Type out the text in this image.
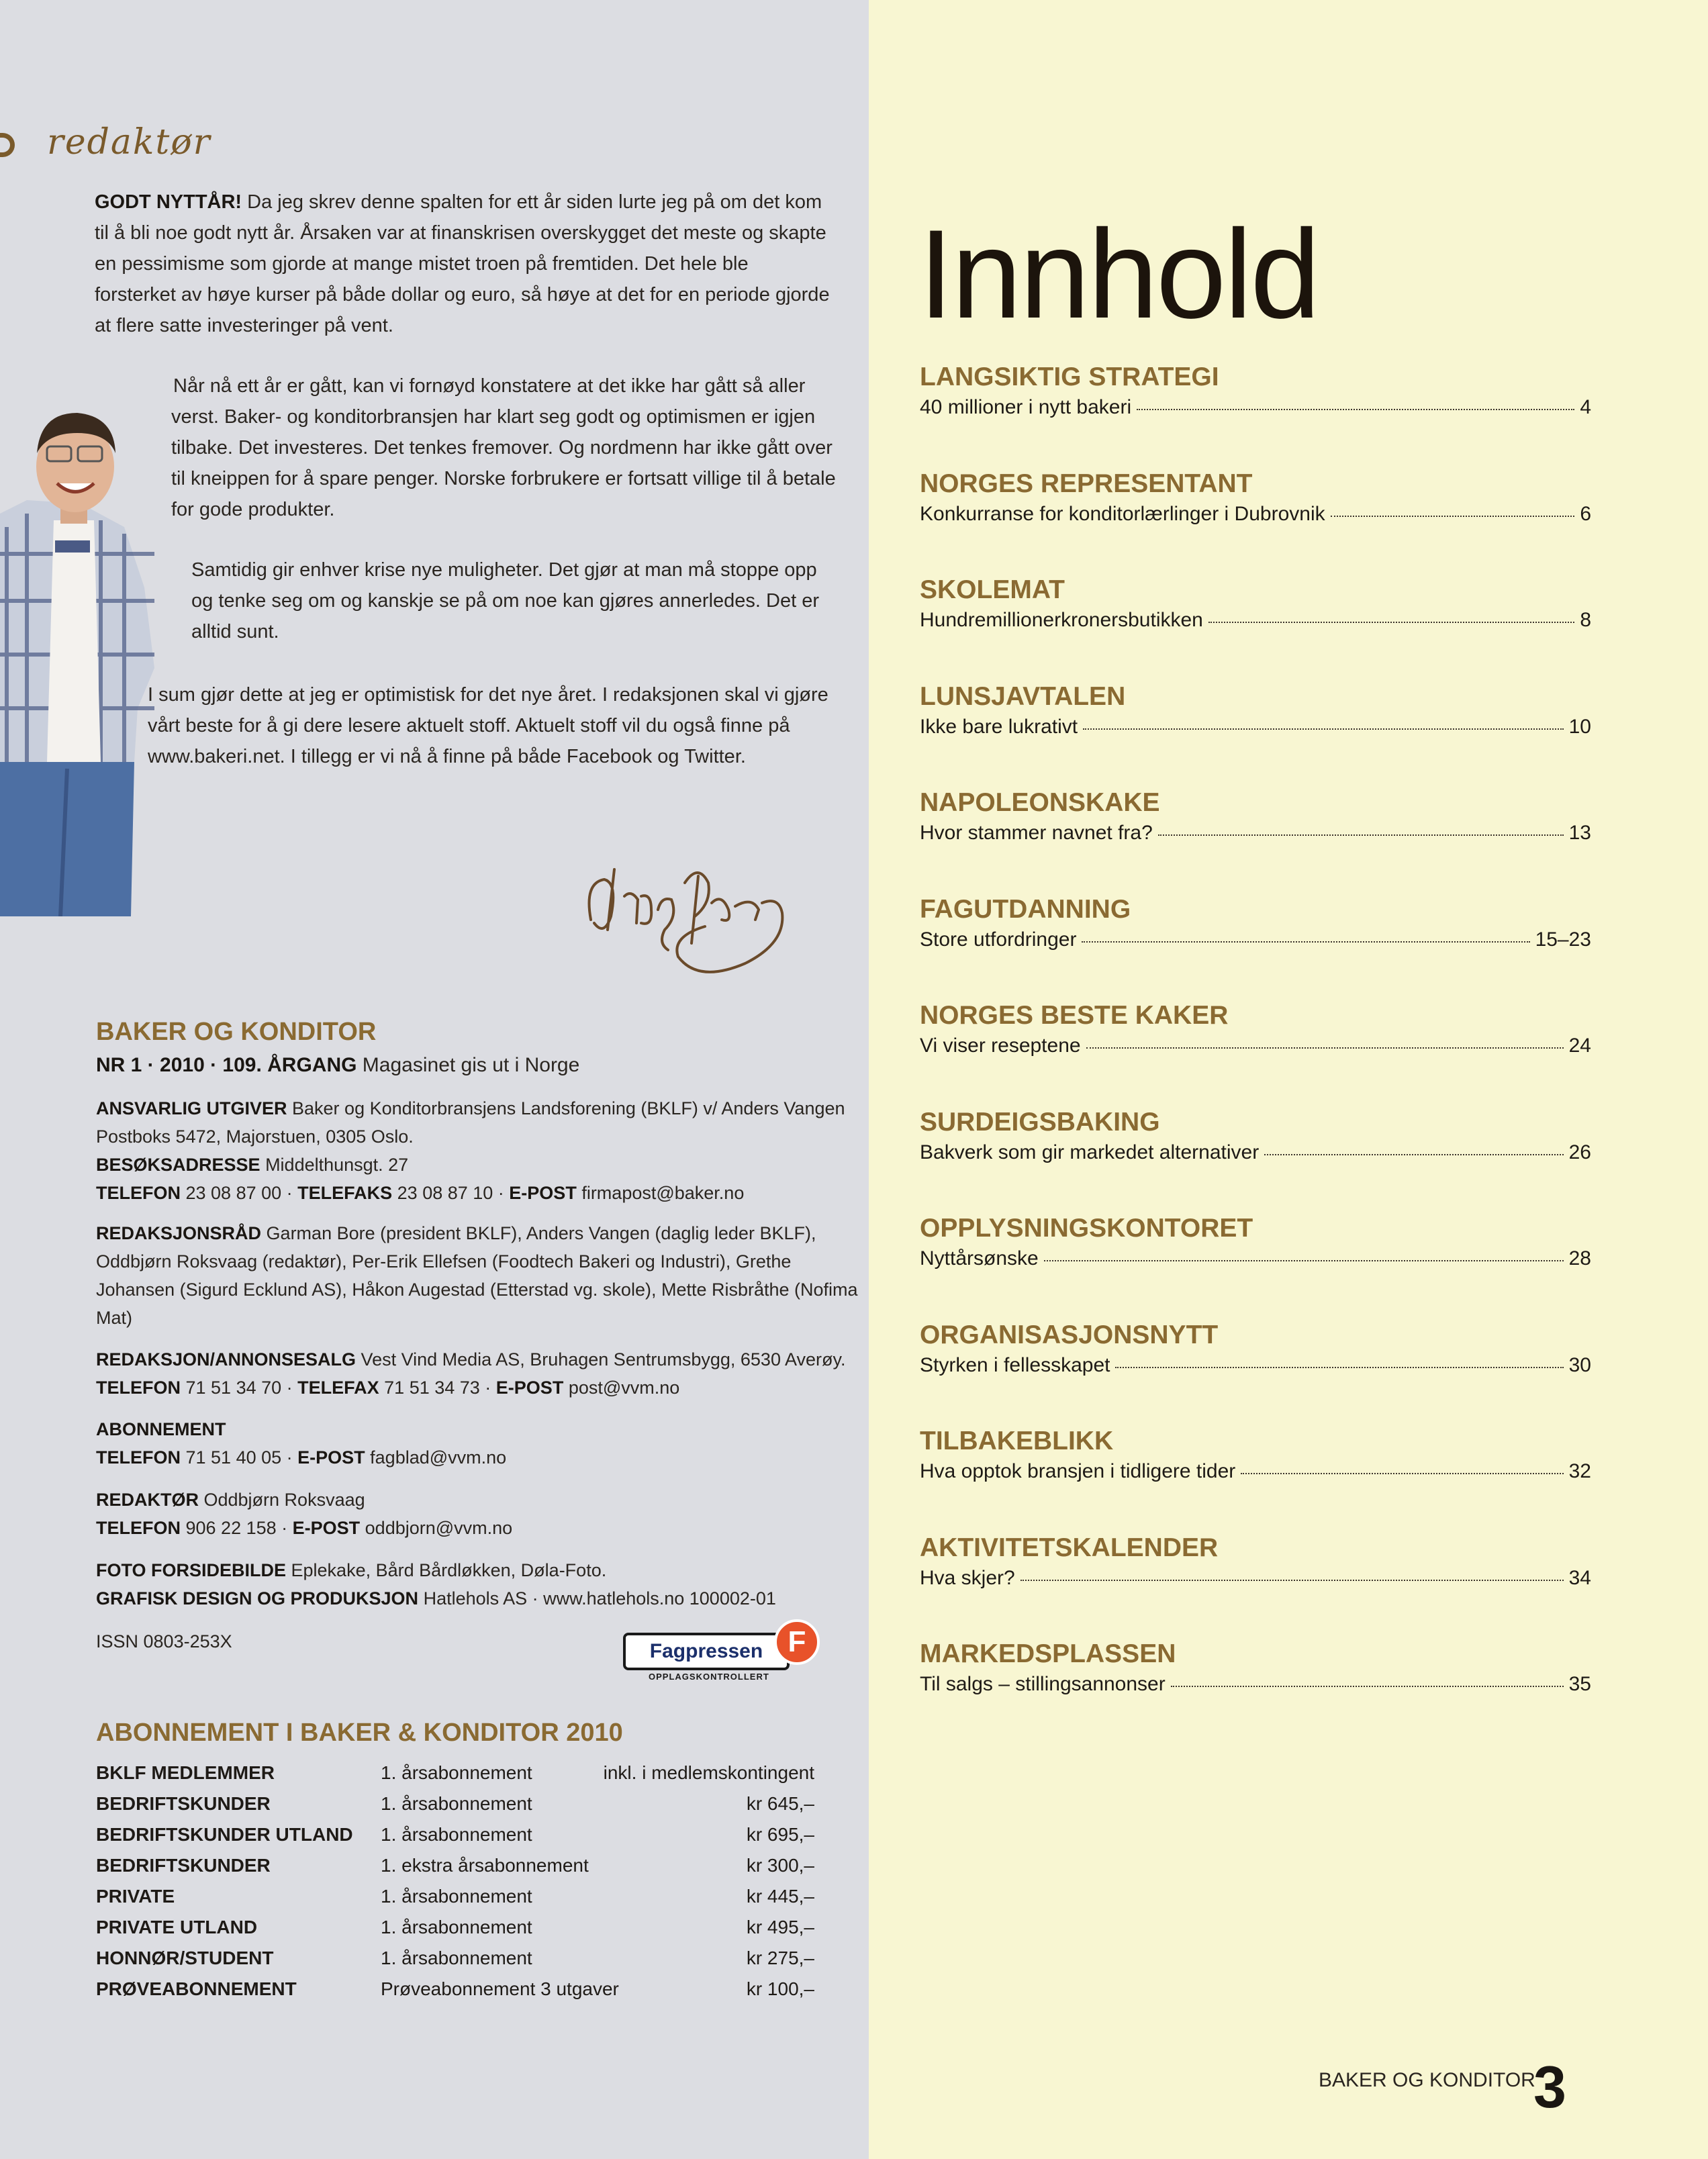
redaktør
GODT NYTTÅR! Da jeg skrev denne spalten for ett år siden lurte jeg på om det kom til å bli noe godt nytt år. Årsaken var at finanskrisen overskygget det meste og skapte en pessimisme som gjorde at mange mistet troen på fremtiden. Det hele ble forsterket av høye kurser på både dollar og euro, så høye at det for en periode gjorde at flere satte investeringer på vent.
Når nå ett år er gått, kan vi fornøyd konstatere at det ikke har gått så aller verst. Baker- og konditorbransjen har klart seg godt og optimismen er igjen tilbake. Det investeres. Det tenkes fremover. Og nordmenn har ikke gått over til kneippen for å spare penger. Norske forbrukere er fortsatt villige til å betale for gode produkter.
Samtidig gir enhver krise nye muligheter. Det gjør at man må stoppe opp og tenke seg om og kanskje se på om noe kan gjøres annerledes. Det er alltid sunt.
I sum gjør dette at jeg er optimistisk for det nye året. I redaksjonen skal vi gjøre vårt beste for å gi dere lesere aktuelt stoff. Aktuelt stoff vil du også finne på www.bakeri.net. I tillegg er vi nå å finne på både Facebook og Twitter.
BAKER OG KONDITOR
NR 1 · 2010 · 109. ÅRGANG Magasinet gis ut i Norge
ANSVARLIG UTGIVER Baker og Konditorbransjens Landsforening (BKLF) v/ Anders Vangen Postboks 5472, Majorstuen, 0305 Oslo.
BESØKSADRESSE Middelthunsgt. 27
TELEFON 23 08 87 00 · TELEFAKS 23 08 87 10 · E-POST firmapost@baker.no
REDAKSJONSRÅD Garman Bore (president BKLF), Anders Vangen (daglig leder BKLF), Oddbjørn Roksvaag (redaktør), Per-Erik Ellefsen (Foodtech Bakeri og Industri), Grethe Johansen (Sigurd Ecklund AS), Håkon Augestad (Etterstad vg. skole), Mette Risbråthe (Nofima Mat)
REDAKSJON/ANNONSESALG Vest Vind Media AS, Bruhagen Sentrumsbygg, 6530 Averøy.
TELEFON 71 51 34 70 · TELEFAX 71 51 34 73 · E-POST post@vvm.no
ABONNEMENT
TELEFON 71 51 40 05 · E-POST fagblad@vvm.no
REDAKTØR Oddbjørn Roksvaag
TELEFON 906 22 158 · E-POST oddbjorn@vvm.no
FOTO FORSIDEBILDE Eplekake, Bård Bårdløkken, Døla-Foto.
GRAFISK DESIGN OG PRODUKSJON Hatlehols AS · www.hatlehols.no 100002-01
ISSN 0803-253X	Fagpressen F
OPPLAGSKONTROLLERT
ABONNEMENT I BAKER & KONDITOR 2010
BKLF MEDLEMMER	1. årsabonnement	inkl. i medlemskontingent
BEDRIFTSKUNDER	1. årsabonnement	kr 645,–
BEDRIFTSKUNDER UTLAND 1. årsabonnement	kr 695,–
BEDRIFTSKUNDER	1. ekstra årsabonnement	kr 300,–
PRIVATE	1. årsabonnement	kr 445,–
PRIVATE UTLAND	1. årsabonnement	kr 495,–
HONNØR/STUDENT	1. årsabonnement	kr 275,–
PRØVEABONNEMENT	Prøveabonnement 3 utgaver	kr 100,–
Innhold
LANGSIKTIG STRATEGI
40 millioner i nytt bakeri	4
NORGES REPRESENTANT
Konkurranse for konditorlærlinger i Dubrovnik	6
SKOLEMAT
Hundremillionerkronersbutikken	8
LUNSJAVTALEN
Ikke bare lukrativt	10
NAPOLEONSKAKE
Hvor stammer navnet fra?	13
FAGUTDANNING
Store utfordringer	15–23
NORGES BESTE KAKER
Vi viser reseptene	24
SURDEIGSBAKING
Bakverk som gir markedet alternativer	26
OPPLYSNINGSKONTORET
Nyttårsønske	28
ORGANISASJONSNYTT
Styrken i fellesskapet	30
TILBAKEBLIKK
Hva opptok bransjen i tidligere tider	32
AKTIVITETSKALENDER
Hva skjer?	34
MARKEDSPLASSEN
Til salgs – stillingsannonser	35
BAKER OG KONDITOR
3
